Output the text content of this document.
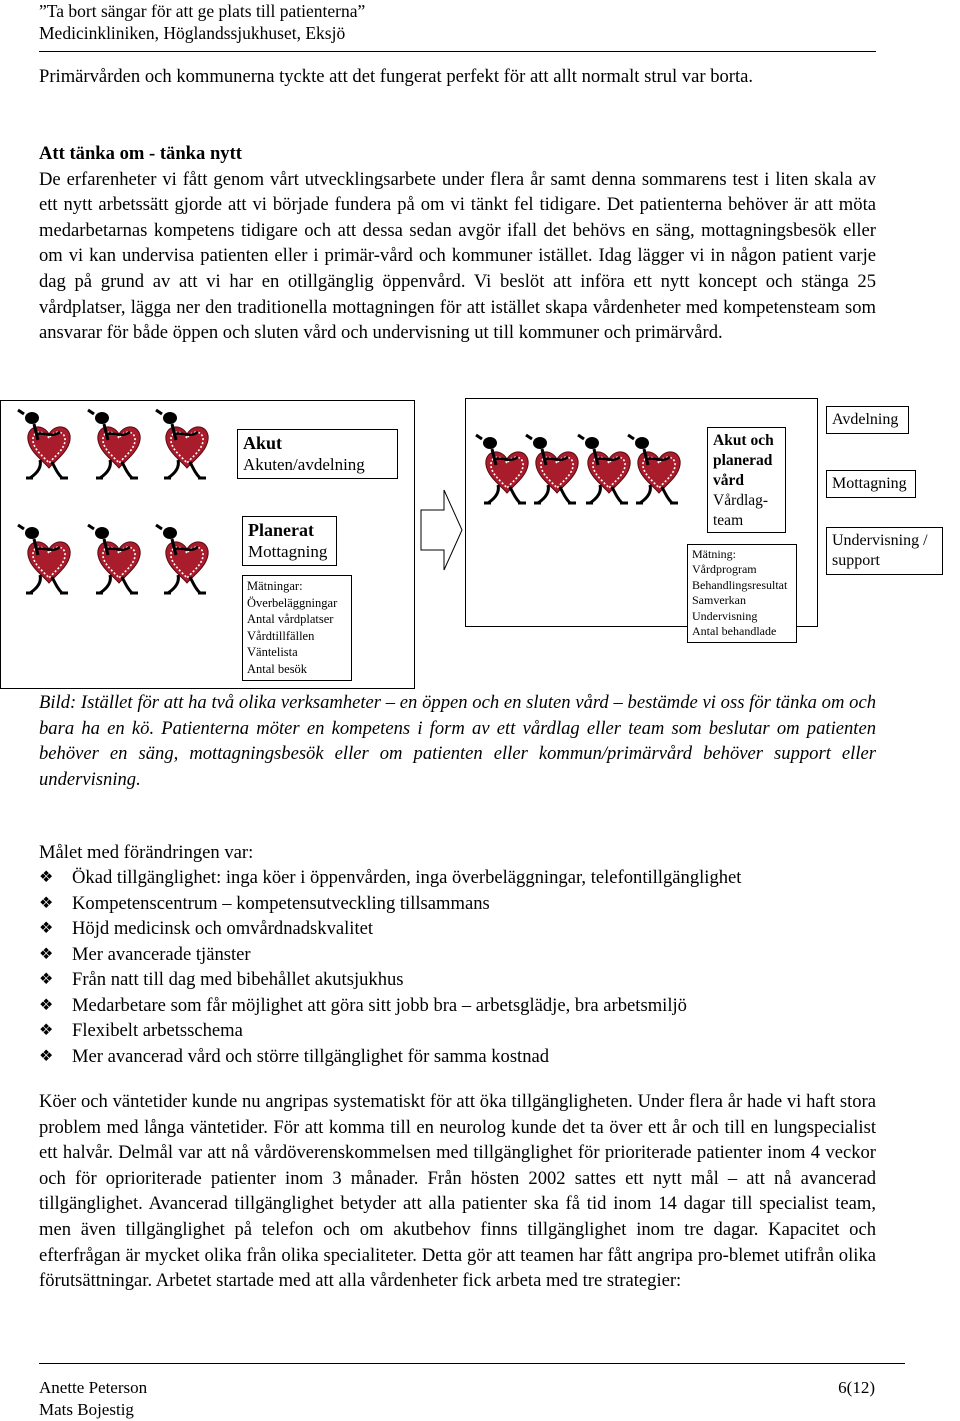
”Ta bort sängar för att ge plats till patienterna”
Medicinkliniken, Höglandssjukhuset, Eksjö

Primärvården och kommunerna tyckte att det fungerat perfekt för att allt normalt strul var borta.

Att tänka om - tänka nytt

De erfarenheter vi fått genom vårt utvecklingsarbete under flera år samt denna sommarens test i liten skala av ett nytt arbetssätt gjorde att vi började fundera på om vi tänkt fel tidigare. Det patienterna behöver är att möta medarbetarnas kompetens tidigare och att dessa sedan avgör ifall det behövs en säng, mottagningsbesök eller om vi kan undervisa patienten eller i primär-vård och kommuner istället. Idag lägger vi in någon patient varje dag på grund av att vi har en otillgänglig öppenvård. Vi beslöt att införa ett nytt koncept och stänga 25 vårdplatser, lägga ner den traditionella mottagningen för att istället skapa vårdenheter med kompetensteam som ansvarar för både öppen och sluten vård och undervisning ut till kommuner och primärvård.

Akut
Akuten/avdelning
Planerat
Mottagning
Mätningar:
Överbeläggningar
Antal vårdplatser
Vårdtillfällen
Väntelista
Antal besök
Akut och
planerad
vård
Vårdlag-
team
Mätning:
Vårdprogram
Behandlingsresultat
Samverkan
Undervisning
Antal behandlade
Avdelning
Mottagning
Undervisning /
support
Bild: Istället för att ha två olika verksamheter – en öppen och en sluten vård – bestämde vi oss för tänka om och bara ha en kö. Patienterna möter en kompetens i form av ett vårdlag eller team som beslutar om patienten behöver en säng, mottagningsbesök eller om patienten eller kommun/primärvård behöver support eller undervisning.
Målet med förändringen var:
❖	Ökad tillgänglighet: inga köer i öppenvården, inga överbeläggningar, telefontillgänglighet
❖	Kompetenscentrum – kompetensutveckling tillsammans
❖	Höjd medicinsk och omvårdnadskvalitet
❖	Mer avancerade tjänster
❖	Från natt till dag med bibehållet akutsjukhus
❖	Medarbetare som får möjlighet att göra sitt jobb bra – arbetsglädje, bra arbetsmiljö
❖	Flexibelt arbetsschema
❖	Mer avancerad vård och större tillgänglighet för samma kostnad

Köer och väntetider kunde nu angripas systematiskt för att öka tillgängligheten. Under flera år hade vi haft stora problem med långa väntetider. För att komma till en neurolog kunde det ta över ett år och till en lungspecialist ett halvår. Delmål var att nå vårdöverenskommelsen med tillgänglighet för prioriterade patienter inom 4 veckor och för oprioriterade patienter inom 3 månader. Från hösten 2002 sattes ett nytt mål – att nå avancerad tillgänglighet. Avancerad tillgänglighet betyder att alla patienter ska få tid inom 14 dagar till specialist team, men även tillgänglighet på telefon och om akutbehov finns tillgänglighet inom tre dagar. Kapacitet och efterfrågan är mycket olika från olika specialiteter. Detta gör att teamen har fått angripa pro-blemet utifrån olika förutsättningar. Arbetet startade med att alla vårdenheter fick arbeta med tre strategier:

Anette Peterson
Mats Bojestig
6(12)
